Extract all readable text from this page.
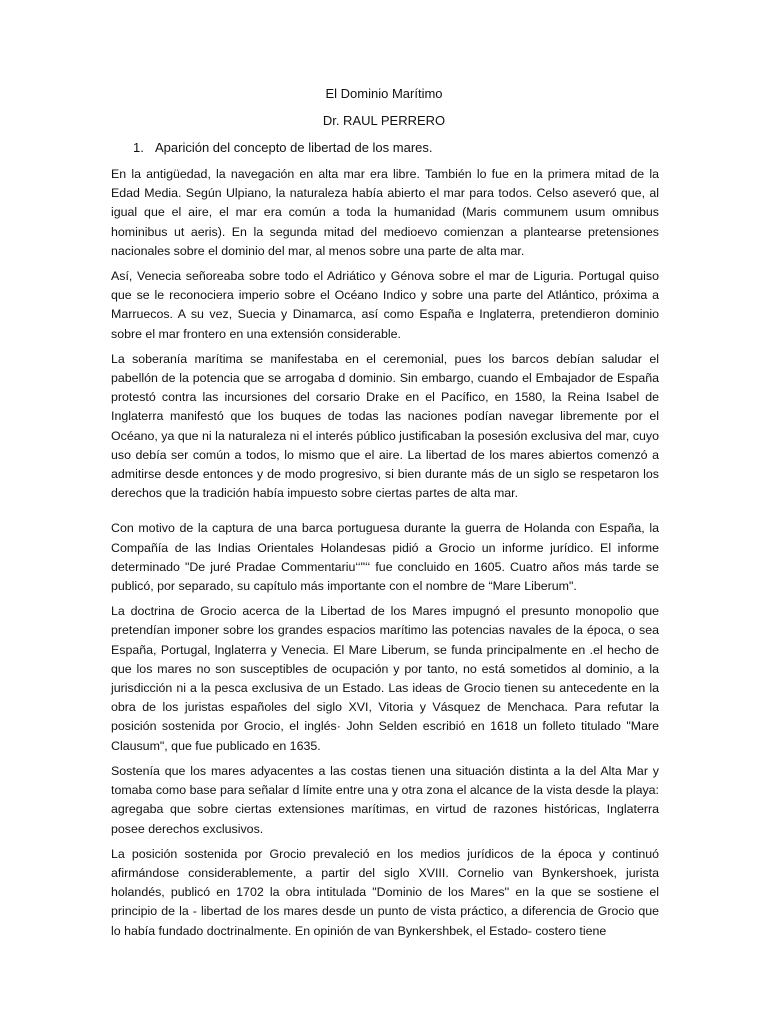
El Dominio Marítimo
Dr. RAUL PERRERO
1. Aparición del concepto de libertad de los mares.

En la antigüedad, la navegación en alta mar era libre. También lo fue en la primera mitad de la Edad Media. Según Ulpiano, la naturaleza había abierto el mar para todos. Celso aseveró que, al igual que el aire, el mar era común a toda la humanidad (Maris communem usum omnibus hominibus ut aeris). En la segunda mitad del medioevo comienzan a plantearse pretensiones nacionales sobre el dominio del mar, al menos sobre una parte de alta mar.

Así, Venecia señoreaba sobre todo el Adriático y Génova sobre el mar de Liguria. Portugal quiso que se le reconociera imperio sobre el Océano Indico y sobre una parte del Atlántico, próxima a Marruecos. A su vez, Suecia y Dinamarca, así como España e Inglaterra, pretendieron dominio sobre el mar frontero en una extensión considerable.

La soberanía marítima se manifestaba en el ceremonial, pues los barcos debían saludar el pabellón de la potencia que se arrogaba d dominio. Sin embargo, cuando el Embajador de España protestó contra las incursiones del corsario Drake en el Pacífico, en 1580, la Reina Isabel de Inglaterra manifestó que los buques de todas las naciones podían navegar libremente por el Océano, ya que ni la naturaleza ni el interés público justificaban la posesión exclusiva del mar, cuyo uso debía ser común a todos, lo mismo que el aire. La libertad de los mares abiertos comenzó a admitirse desde entonces y de modo progresivo, si bien durante más de un siglo se respetaron los derechos que la tradición había impuesto sobre ciertas partes de alta mar.

Con motivo de la captura de una barca portuguesa durante la guerra de Holanda con España, la Compañía de las Indias Orientales Holandesas pidió a Grocio un informe jurídico. El informe determinado "De juré Pradae Commentariu‘‘"‘‘ fue concluido en 1605. Cuatro años más tarde se publicó, por separado, su capítulo más importante con el nombre de “Mare Liberum".

La doctrina de Grocio acerca de la Libertad de los Mares impugnó el presunto monopolio que pretendían imponer sobre los grandes espacios marítimo las potencias navales de la época, o sea España, Portugal, lnglaterra y Venecia. El Mare Liberum, se funda principalmente en .el hecho de que los mares no son susceptibles de ocupación y por tanto, no está sometidos al dominio, a la jurisdicción ni a la pesca exclusiva de un Estado. Las ideas de Grocio tienen su antecedente en la obra de los juristas españoles del siglo XVI, Vitoria y Vásquez de Menchaca. Para refutar la posición sostenida por Grocio, el inglés· John Selden escribió en 1618 un folleto titulado "Mare Clausum", que fue publicado en 1635.

Sostenía que los mares adyacentes a las costas tienen una situación distinta a la del Alta Mar y tomaba como base para señalar d límite entre una y otra zona el alcance de la vista desde la playa: agregaba que sobre ciertas extensiones marítimas, en virtud de razones históricas, Inglaterra posee derechos exclusivos.

La posición sostenida por Grocio prevaleció en los medios jurídicos de la época y continuó afirmándose considerablemente, a partir del siglo XVIII. Cornelio van Bynkershoek, jurista holandés, publicó en 1702 la obra intitulada "Dominio de los Mares'' en la que se sostiene el principio de la - libertad de los mares desde un punto de vista práctico, a diferencia de Grocio que lo había fundado doctrinalmente. En opinión de van Bynkershbek, el Estado- costero tiene
